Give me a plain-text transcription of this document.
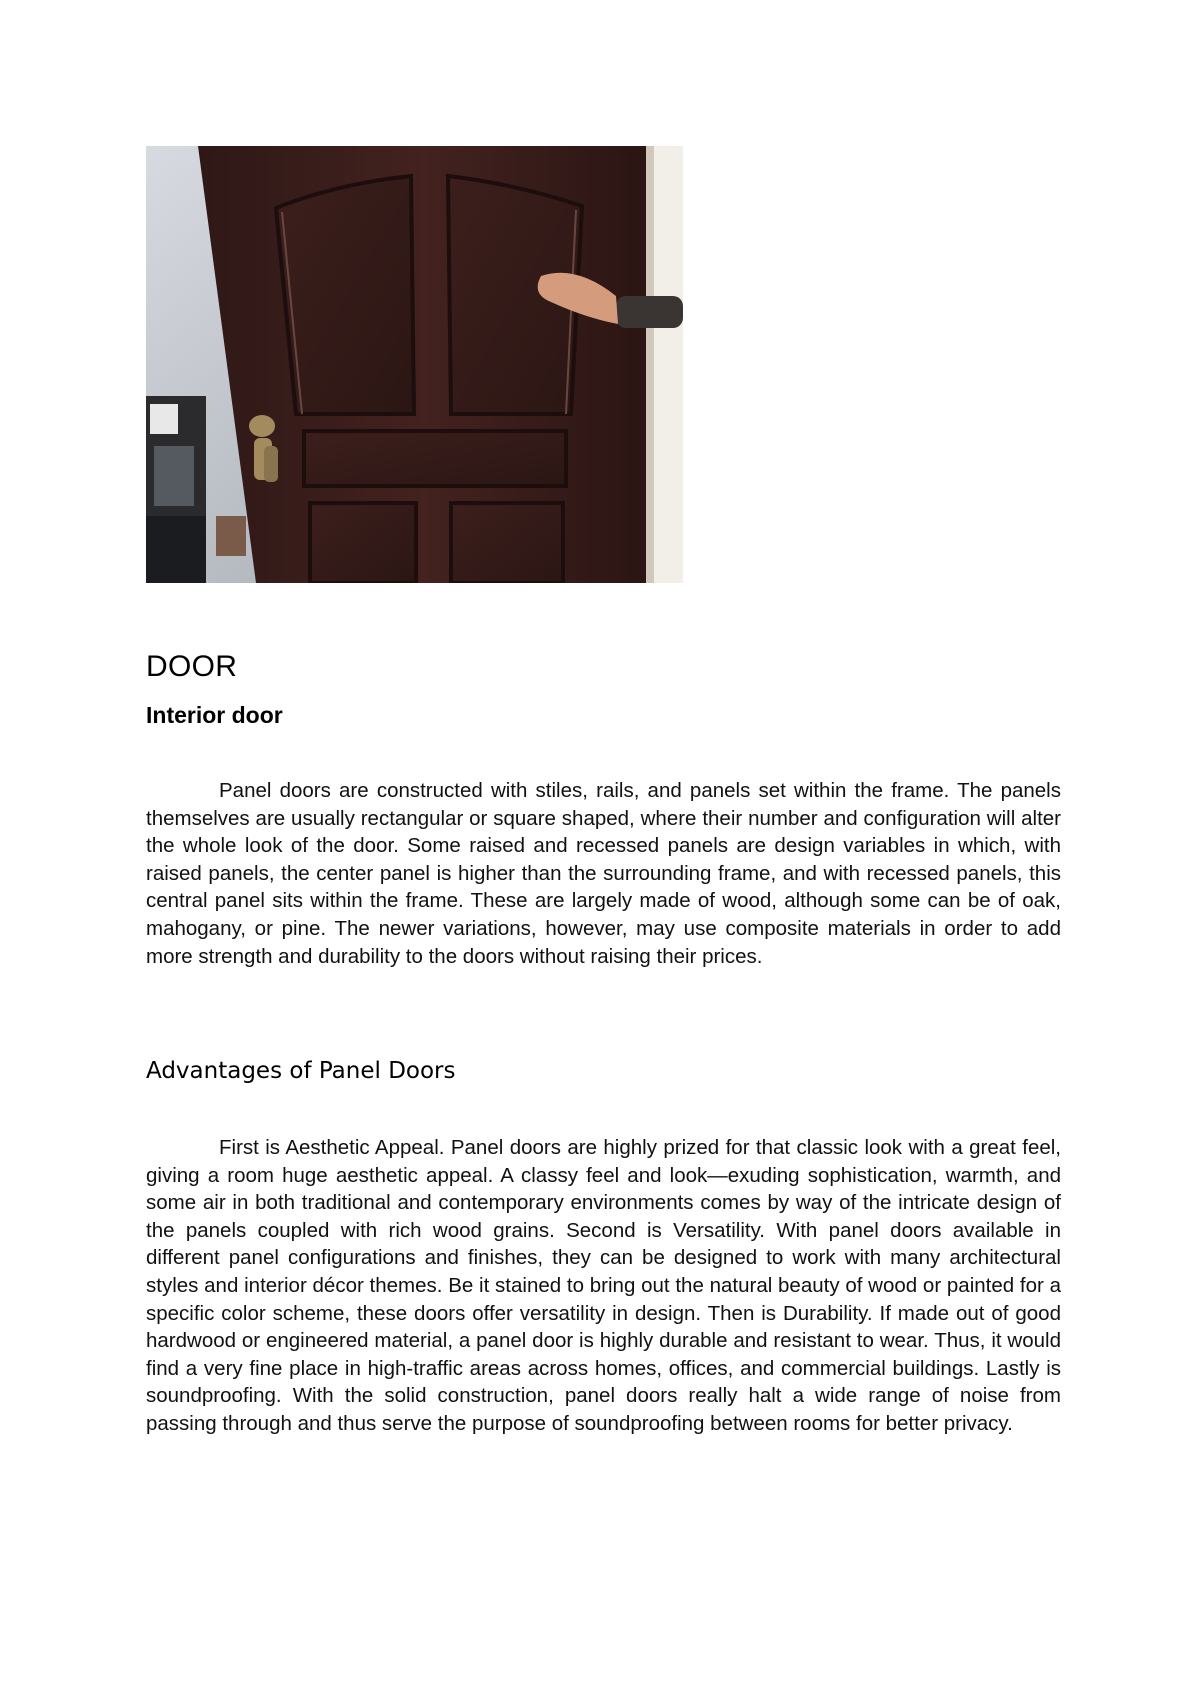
DOOR
Interior door

Panel doors are constructed with stiles, rails, and panels set within the frame. The panels themselves are usually rectangular or square shaped, where their number and configuration will alter the whole look of the door. Some raised and recessed panels are design variables in which, with raised panels, the center panel is higher than the surrounding frame, and with recessed panels, this central panel sits within the frame. These are largely made of wood, although some can be of oak, mahogany, or pine. The newer variations, however, may use composite materials in order to add more strength and durability to the doors without raising their prices.

Advantages of Panel Doors

First is Aesthetic Appeal. Panel doors are highly prized for that classic look with a great feel, giving a room huge aesthetic appeal. A classy feel and look—exuding sophistication, warmth, and some air in both traditional and contemporary environments comes by way of the intricate design of the panels coupled with rich wood grains. Second is Versatility. With panel doors available in different panel configurations and finishes, they can be designed to work with many architectural styles and interior décor themes. Be it stained to bring out the natural beauty of wood or painted for a specific color scheme, these doors offer versatility in design. Then is Durability. If made out of good hardwood or engineered material, a panel door is highly durable and resistant to wear. Thus, it would find a very fine place in high-traffic areas across homes, offices, and commercial buildings. Lastly is soundproofing. With the solid construction, panel doors really halt a wide range of noise from passing through and thus serve the purpose of soundproofing between rooms for better privacy.
